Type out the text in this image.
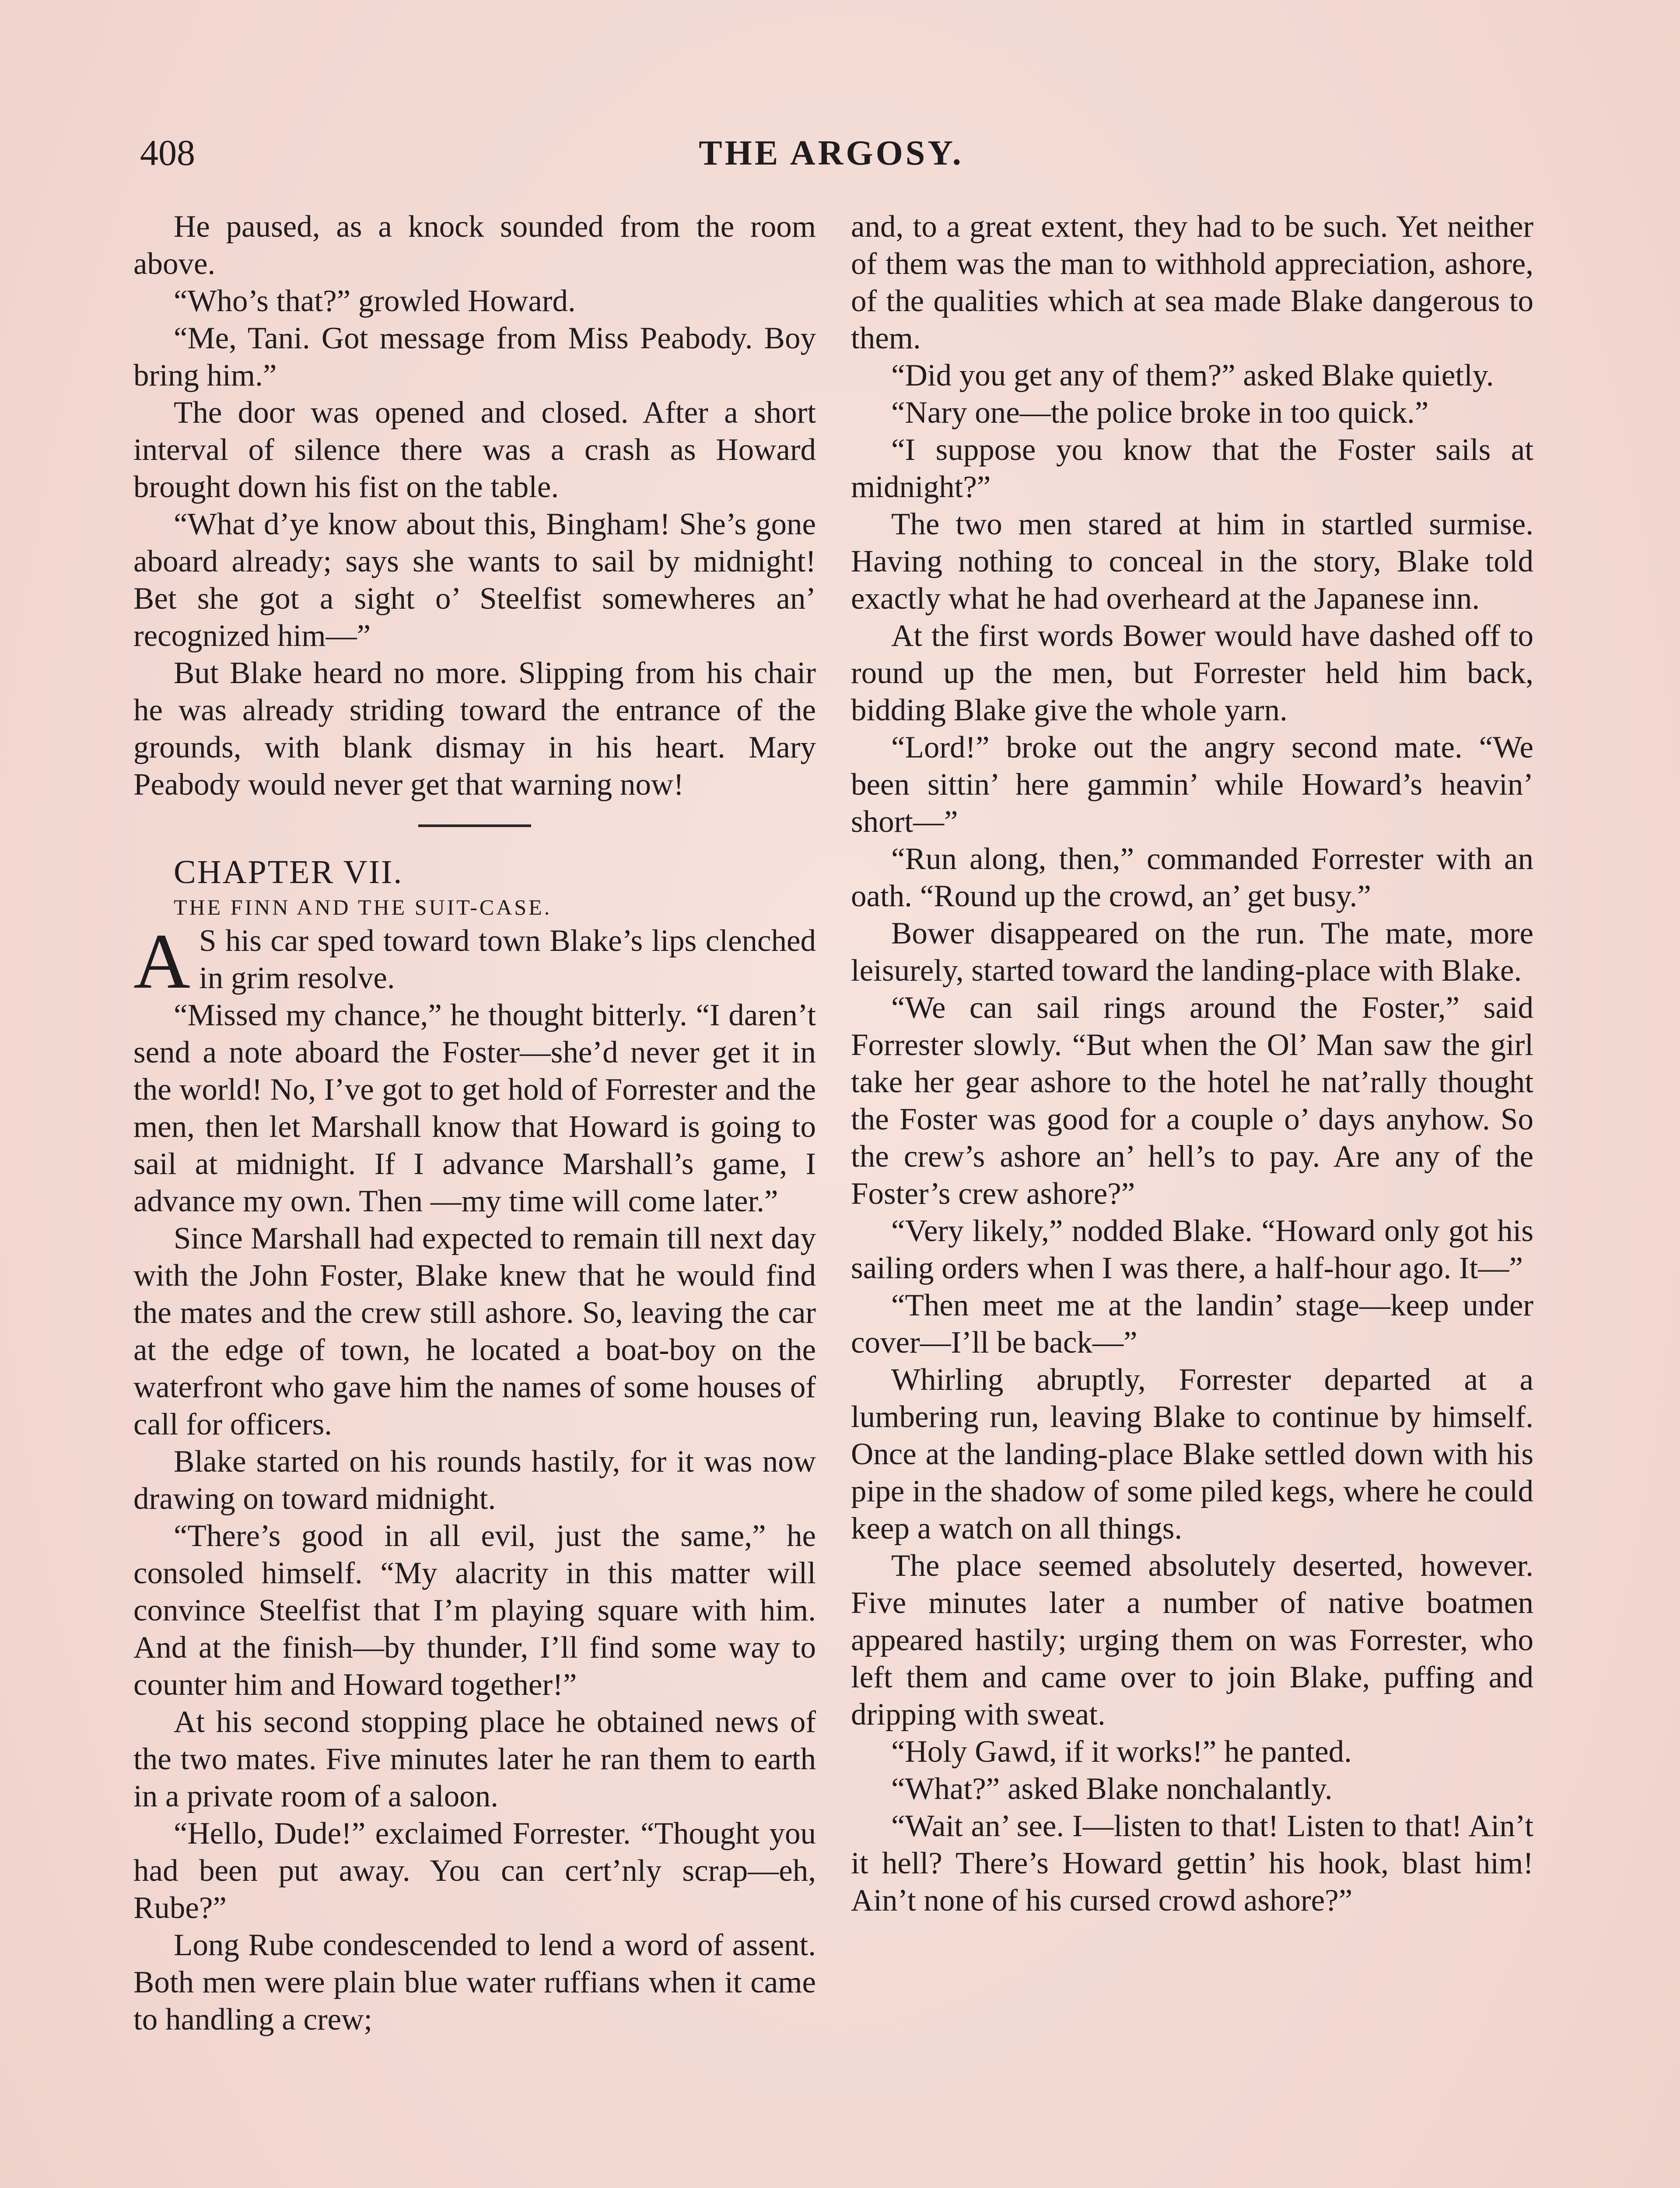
408	THE ARGOSY.

He paused, as a knock sounded from the room above.

“Who’s that?” growled Howard.

“Me, Tani. Got message from Miss Peabody. Boy bring him.”

The door was opened and closed. After a short interval of silence there was a crash as Howard brought down his fist on the table.

“What d’ye know about this, Bingham! She’s gone aboard already; says she wants to sail by midnight! Bet she got a sight o’ Steelfist somewheres an’ recognized him—”

But Blake heard no more. Slipping from his chair he was already striding toward the entrance of the grounds, with blank dismay in his heart. Mary Peabody would never get that warning now!

CHAPTER VII.

THE FINN AND THE SUIT-CASE.

A S his car sped toward town Blake’s lips clenched in grim resolve.

“Missed my chance,” he thought bitterly. “I daren’t send a note aboard the Foster—she’d never get it in the world! No, I’ve got to get hold of Forrester and the men, then let Marshall know that Howard is going to sail at midnight. If I advance Marshall’s game, I advance my own. Then —my time will come later.”

Since Marshall had expected to remain till next day with the John Foster, Blake knew that he would find the mates and the crew still ashore. So, leaving the car at the edge of town, he located a boat-boy on the waterfront who gave him the names of some houses of call for officers.

Blake started on his rounds hastily, for it was now drawing on toward midnight.

“There’s good in all evil, just the same,” he consoled himself. “My alacrity in this matter will convince Steelfist that I’m playing square with him. And at the finish—by thunder, I’ll find some way to counter him and Howard together!”

At his second stopping place he obtained news of the two mates. Five minutes later he ran them to earth in a private room of a saloon.

“Hello, Dude!” exclaimed Forrester. “Thought you had been put away. You can cert’nly scrap—eh, Rube?”

Long Rube condescended to lend a word of assent. Both men were plain blue water ruffians when it came to handling a crew;

and, to a great extent, they had to be such. Yet neither of them was the man to withhold appreciation, ashore, of the qualities which at sea made Blake dangerous to them.

“Did you get any of them?” asked Blake quietly.

“Nary one—the police broke in too quick.”

“I suppose you know that the Foster sails at midnight?”

The two men stared at him in startled surmise. Having nothing to conceal in the story, Blake told exactly what he had overheard at the Japanese inn.

At the first words Bower would have dashed off to round up the men, but Forrester held him back, bidding Blake give the whole yarn.

“Lord!” broke out the angry second mate. “We been sittin’ here gammin’ while Howard’s heavin’ short—”

“Run along, then,” commanded Forrester with an oath. “Round up the crowd, an’ get busy.”

Bower disappeared on the run. The mate, more leisurely, started toward the landing-place with Blake.

“We can sail rings around the Foster,” said Forrester slowly. “But when the Ol’ Man saw the girl take her gear ashore to the hotel he nat’rally thought the Foster was good for a couple o’ days anyhow. So the crew’s ashore an’ hell’s to pay. Are any of the Foster’s crew ashore?”

“Very likely,” nodded Blake. “Howard only got his sailing orders when I was there, a half-hour ago. It—”

“Then meet me at the landin’ stage—keep under cover—I’ll be back—”

Whirling abruptly, Forrester departed at a lumbering run, leaving Blake to continue by himself. Once at the landing-place Blake settled down with his pipe in the shadow of some piled kegs, where he could keep a watch on all things.

The place seemed absolutely deserted, however. Five minutes later a number of native boatmen appeared hastily; urging them on was Forrester, who left them and came over to join Blake, puffing and dripping with sweat.

“Holy Gawd, if it works!” he panted.

“What?” asked Blake nonchalantly.

“Wait an’ see. I—listen to that! Listen to that! Ain’t it hell? There’s Howard gettin’ his hook, blast him! Ain’t none of his cursed crowd ashore?”
